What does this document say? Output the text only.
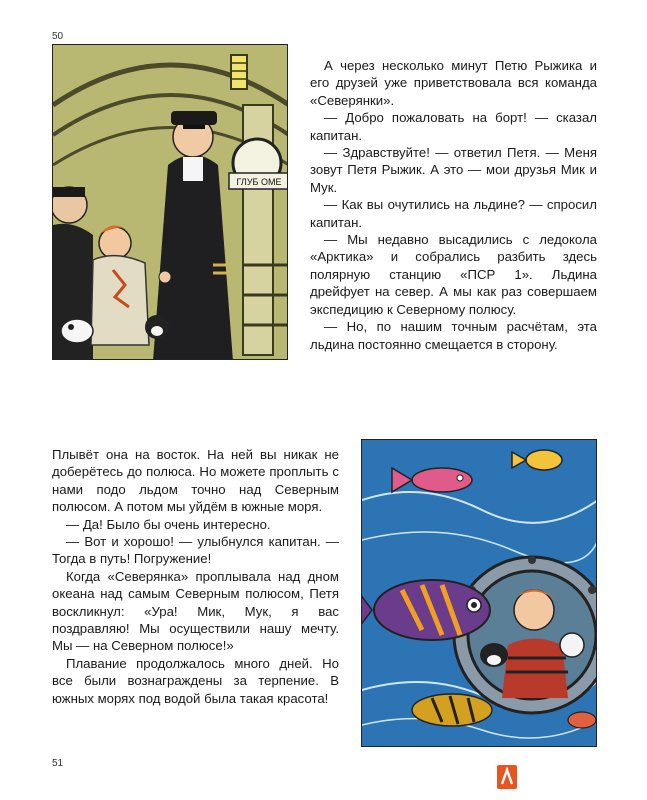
50
ГЛУБ ОМЕ

А через несколько минут Петю Рыжика и его друзей уже приветствовала вся команда «Северянки».

— Добро пожаловать на борт! — сказал капитан.

— Здравствуйте! — ответил Петя. — Меня зовут Петя Рыжик. А это — мои друзья Мик и Мук.

— Как вы очутились на льдине? — спросил капитан.

— Мы недавно высадились с ледокола «Арктика» и собрались разбить здесь полярную станцию «ПСР 1». Льдина дрейфует на север. А мы как раз совершаем экспедицию к Северному полюсу.

— Но, по нашим точным расчётам, эта льдина постоянно смещается в сторону.

Плывёт она на восток. На ней вы никак не доберётесь до полюса. Но можете проплыть с нами подо льдом точно над Северным полюсом. А потом мы уйдём в южные моря.

— Да! Было бы очень интересно.

— Вот и хорошо! — улыбнулся капитан. — Тогда в путь! Погружение!

Когда «Северянка» проплывала над дном океана над самым Северным полюсом, Петя воскликнул: «Ура! Мик, Мук, я вас поздравляю! Мы осуществили нашу мечту. Мы — на Северном полюсе!»

Плавание продолжалось много дней. Но все были вознаграждены за терпение. В южных морях под водой была такая красота!

51
